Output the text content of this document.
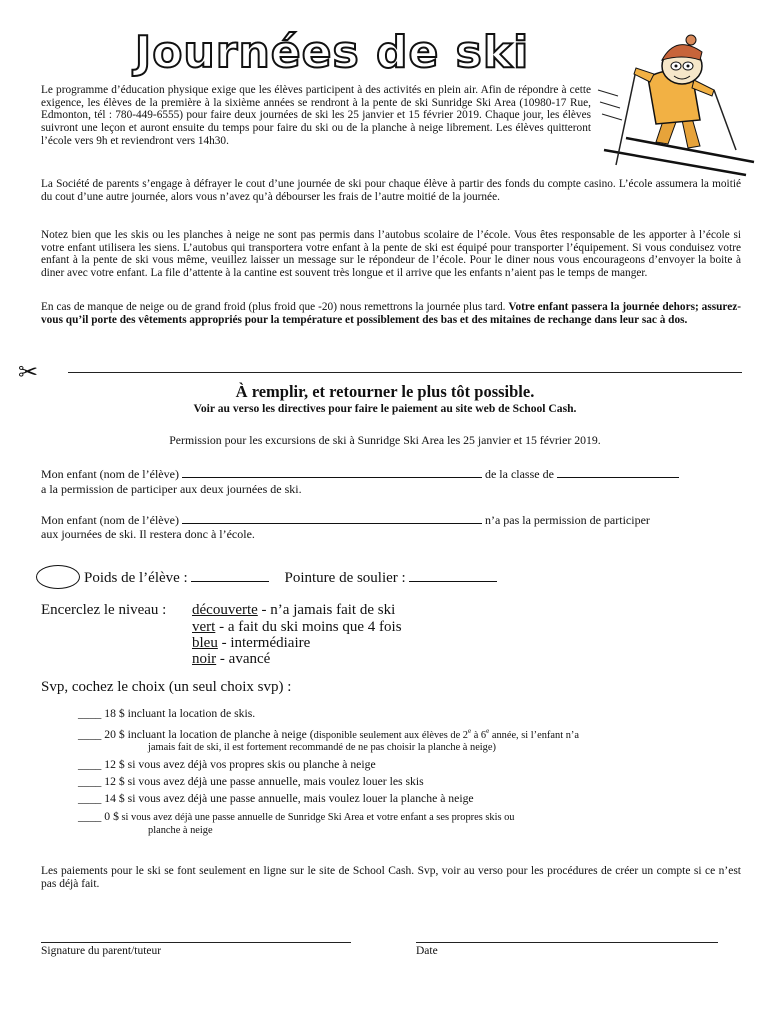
Journées de ski

Le programme d’éducation physique exige que les élèves participent à des activités en plein air. Afin de répondre à cette exigence, les élèves de la première à la sixième années se rendront à la pente de ski Sunridge Ski Area (10980-17 Rue, Edmonton, tél : 780-449-6555) pour faire deux journées de ski les 25 janvier et 15 février 2019. Chaque jour, les élèves suivront une leçon et auront ensuite du temps pour faire du ski ou de la planche à neige librement. Les élèves quitteront l’école vers 9h et reviendront vers 14h30.

La Société de parents s’engage à défrayer le cout d’une journée de ski pour chaque élève à partir des fonds du compte casino. L’école assumera la moitié du cout d’une autre journée, alors vous n’avez qu’à débourser les frais de l’autre moitié de la journée.

Notez bien que les skis ou les planches à neige ne sont pas permis dans l’autobus scolaire de l’école. Vous êtes responsable de les apporter à l’école si votre enfant utilisera les siens. L’autobus qui transportera votre enfant à la pente de ski est équipé pour transporter l’équipement. Si vous conduisez votre enfant à la pente de ski vous même, veuillez laisser un message sur le répondeur de l’école. Pour le diner nous vous encourageons d’envoyer la boite à diner avec votre enfant. La file d’attente à la cantine est souvent très longue et il arrive que les enfants n’aient pas le temps de manger.

En cas de manque de neige ou de grand froid (plus froid que -20) nous remettrons la journée plus tard. Votre enfant passera la journée dehors; assurez-vous qu’il porte des vêtements appropriés pour la température et possiblement des bas et des mitaines de rechange dans leur sac à dos.

✂
À remplir, et retourner le plus tôt possible.
Voir au verso les directives pour faire le paiement au site web de School Cash.
Permission pour les excursions de ski à Sunridge Ski Area les 25 janvier et 15 février 2019.
Mon enfant (nom de l’élève)	de la classe de
a la permission de participer aux deux journées de ski.
Mon enfant (nom de l’élève)	n’a pas la permission de participer
aux journées de ski. Il restera donc à l’école.
Poids de l’élève :	Pointure de soulier :
Encerclez le niveau : découverte - n’a jamais fait de ski
vert - a fait du ski moins que 4 fois
bleu - intermédiaire
noir - avancé
Svp, cochez le choix (un seul choix svp) :
____ 18 $ incluant la location de skis.
____ 20 $ incluant la location de planche à neige (disponible seulement aux élèves de 2e à 6e année, si l’enfant n’a
jamais fait de ski, il est fortement recommandé de ne pas choisir la planche à neige)
____ 12 $ si vous avez déjà vos propres skis ou planche à neige
____ 12 $ si vous avez déjà une passe annuelle, mais voulez louer les skis
____ 14 $ si vous avez déjà une passe annuelle, mais voulez louer la planche à neige
____ 0 $ si vous avez déjà une passe annuelle de Sunridge Ski Area et votre enfant a ses propres skis ou
planche à neige

Les paiements pour le ski se font seulement en ligne sur le site de School Cash. Svp, voir au verso pour les procédures de créer un compte si ce n’est pas déjà fait.

Signature du parent/tuteur	Date
